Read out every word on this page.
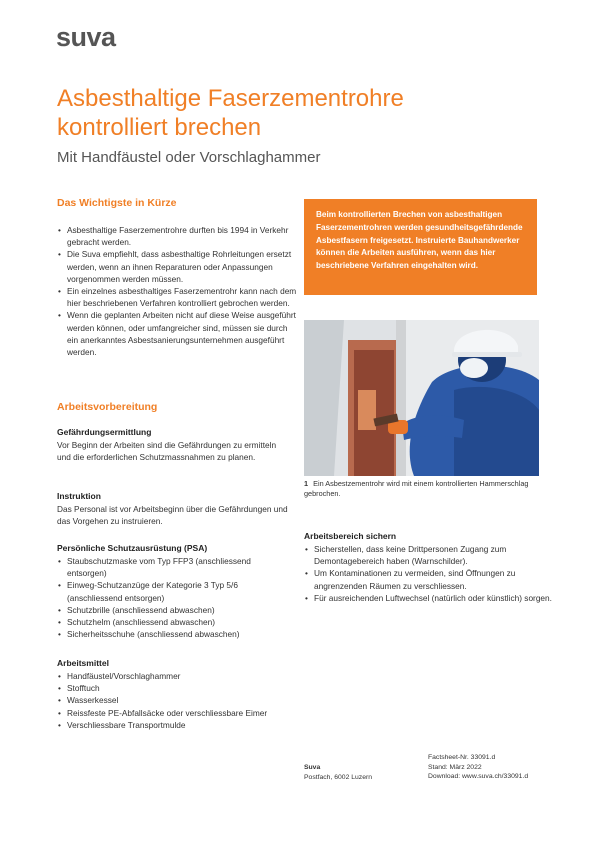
suva
Asbesthaltige Faserzementrohre
kontrolliert brechen
Mit Handfäustel oder Vorschlaghammer
Das Wichtigste in Kürze
• Asbesthaltige Faserzementrohre durften bis 1994 in Verkehr gebracht werden.
• Die Suva empfiehlt, dass asbesthaltige Rohrleitungen ersetzt werden, wenn an ihnen Reparaturen oder Anpassungen vorgenommen werden müssen.
• Ein einzelnes asbesthaltiges Faserzementrohr kann nach dem hier beschriebenen Verfahren kontrolliert gebrochen werden.
• Wenn die geplanten Arbeiten nicht auf diese Weise ausgeführt werden können, oder umfangreicher sind, müssen sie durch ein anerkanntes Asbestsanierungsunternehmen ausgeführt werden.
Arbeitsvorbereitung
Gefährdungsermittlung
Vor Beginn der Arbeiten sind die Gefährdungen zu ermitteln und die erforderlichen Schutzmassnahmen zu planen.
Instruktion
Das Personal ist vor Arbeitsbeginn über die Gefährdungen und das Vorgehen zu instruieren.
Persönliche Schutzausrüstung (PSA)
• Staubschutzmaske vom Typ FFP3 (anschliessend entsorgen)
• Einweg-Schutzanzüge der Kategorie 3 Typ 5/6 (anschliessend entsorgen)
• Schutzbrille (anschliessend abwaschen)
• Schutzhelm (anschliessend abwaschen)
• Sicherheitsschuhe (anschliessend abwaschen)
Arbeitsmittel
• Handfäustel/Vorschlaghammer
• Stofftuch
• Wasserkessel
• Reissfeste PE-Abfallsäcke oder verschliessbare Eimer
• Verschliessbare Transportmulde
Beim kontrollierten Brechen von asbesthaltigen Faserzementrohren werden gesundheitsgefährdende Asbestfasern freigesetzt. Instruierte Bauhandwerker können die Arbeiten ausführen, wenn das hier beschriebene Verfahren eingehalten wird.
1 Ein Asbestzementrohr wird mit einem kontrollierten Hammerschlag gebrochen.
Arbeitsbereich sichern
• Sicherstellen, dass keine Drittpersonen Zugang zum Demontagebereich haben (Warnschilder).
• Um Kontaminationen zu vermeiden, sind Öffnungen zu angrenzenden Räumen zu verschliessen.
• Für ausreichenden Luftwechsel (natürlich oder künstlich) sorgen.
Suva
Postfach, 6002 Luzern
Factsheet-Nr. 33091.d
Stand: März 2022
Download: www.suva.ch/33091.d
